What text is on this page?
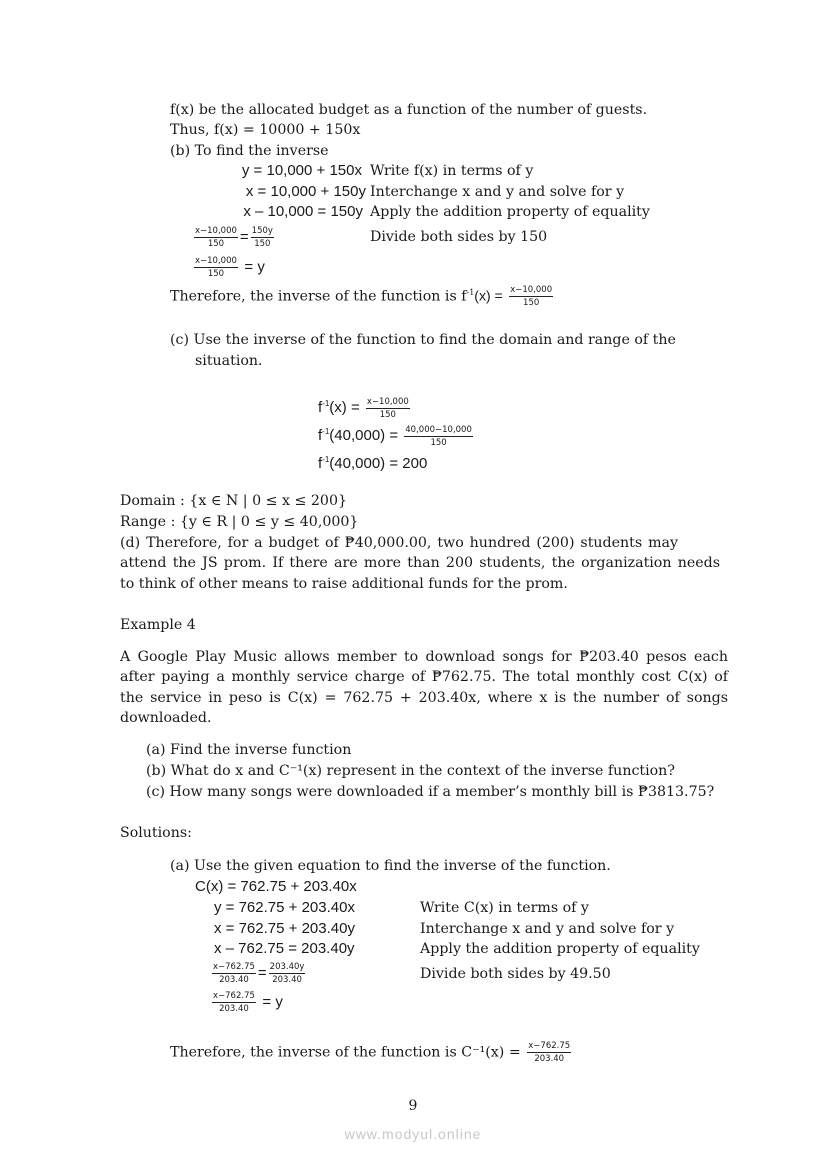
f(x) be the allocated budget as a function of the number of guests.
Thus, f(x) = 10000 + 150x
(b) To find the inverse
y = 10,000 + 150x Write f(x) in terms of y
x = 10,000 + 150y Interchange x and y and solve for y
x – 10,000 = 150y Apply the addition property of equality
$\frac{x-10,000}{150} = \frac{150y}{150}$	Divide both sides by 150
$\frac{x-10,000}{150} = y$
Therefore, the inverse of the function is $f^{-1}(x) = \frac{x-10,000}{150}$
(c) Use the inverse of the function to find the domain and range of the
situation.
$f^{-1}(x) = \frac{x-10,000}{150}$
$f^{-1}(40,000) = \frac{40,000-10,000}{150}$
$f^{-1}(40,000) = 200$
Domain : {x ∈ N | 0 ≤ x ≤ 200}
Range : {y ∈ R | 0 ≤ y ≤ 40,000}
(d) Therefore, for a budget of ₱40,000.00, two hundred (200) students may
attend the JS prom. If there are more than 200 students, the organization needs
to think of other means to raise additional funds for the prom.
Example 4
A Google Play Music allows member to download songs for ₱203.40 pesos each
after paying a monthly service charge of ₱762.75. The total monthly cost C(x) of
the service in peso is C(x) = 762.75 + 203.40x, where x is the number of songs
downloaded.
(a) Find the inverse function
(b) What do x and C⁻¹(x) represent in the context of the inverse function?
(c) How many songs were downloaded if a member’s monthly bill is ₱3813.75?
Solutions:
(a) Use the given equation to find the inverse of the function.
C(x) = 762.75 + 203.40x
y = 762.75 + 203.40x	Write C(x) in terms of y
x = 762.75 + 203.40y	Interchange x and y and solve for y
x – 762.75 = 203.40y	Apply the addition property of equality
$\frac{x-762.75}{203.40} = \frac{203.40y}{203.40}$	Divide both sides by 49.50
$\frac{x-762.75}{203.40} = y$
Therefore, the inverse of the function is $C^{-1}(x) = \frac{x-762.75}{203.40}$
9
www.modyul.online
